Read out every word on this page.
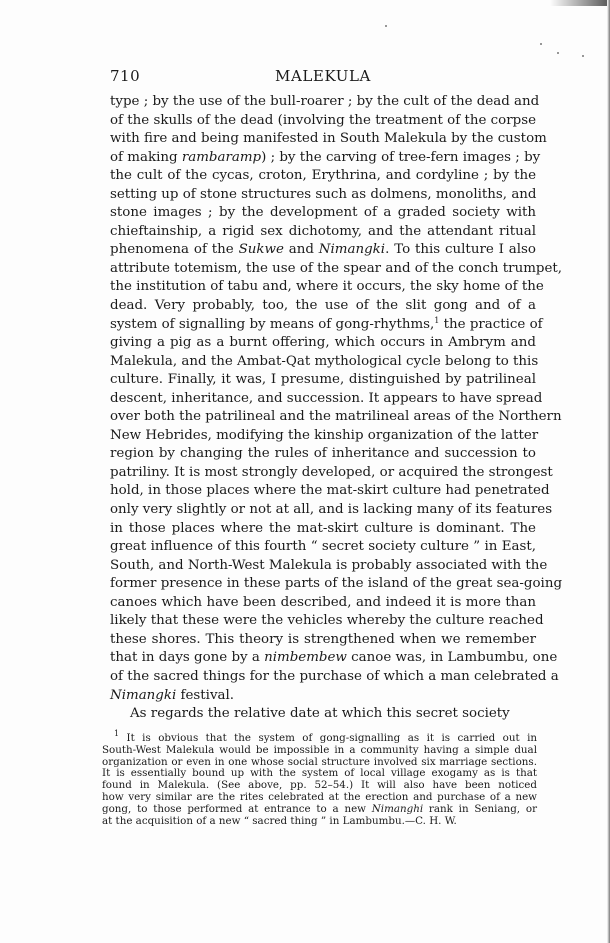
710	MALEKULA
type ; by the use of the bull-roarer ; by the cult of the dead and
of the skulls of the dead (involving the treatment of the corpse
with fire and being manifested in South Malekula by the custom
of making rambaramp) ; by the carving of tree-fern images ; by
the cult of the cycas, croton, Erythrina, and cordyline ; by the
setting up of stone structures such as dolmens, monoliths, and
stone images ; by the development of a graded society with
chieftainship, a rigid sex dichotomy, and the attendant ritual
phenomena of the Sukwe and Nimangki. To this culture I also
attribute totemism, the use of the spear and of the conch trumpet,
the institution of tabu and, where it occurs, the sky home of the
dead. Very probably, too, the use of the slit gong and of a
system of signalling by means of gong-rhythms,$^1$ the practice of
giving a pig as a burnt offering, which occurs in Ambrym and
Malekula, and the Ambat-Qat mythological cycle belong to this
culture. Finally, it was, I presume, distinguished by patrilineal
descent, inheritance, and succession. It appears to have spread
over both the patrilineal and the matrilineal areas of the Northern
New Hebrides, modifying the kinship organization of the latter
region by changing the rules of inheritance and succession to
patriliny. It is most strongly developed, or acquired the strongest
hold, in those places where the mat-skirt culture had penetrated
only very slightly or not at all, and is lacking many of its features
in those places where the mat-skirt culture is dominant. The
great influence of this fourth “ secret society culture ” in East,
South, and North-West Malekula is probably associated with the
former presence in these parts of the island of the great sea-going
canoes which have been described, and indeed it is more than
likely that these were the vehicles whereby the culture reached
these shores. This theory is strengthened when we remember
that in days gone by a nimbembew canoe was, in Lambumbu, one
of the sacred things for the purchase of which a man celebrated a
Nimangki festival.
As regards the relative date at which this secret society
$^1$ It is obvious that the system of gong-signalling as it is carried out in
South-West Malekula would be impossible in a community having a simple dual
organization or even in one whose social structure involved six marriage sections.
It is essentially bound up with the system of local village exogamy as is that
found in Malekula. (See above, pp. 52–54.) It will also have been noticed
how very similar are the rites celebrated at the erection and purchase of a new
gong, to those performed at entrance to a new Nimanghi rank in Seniang, or
at the acquisition of a new “ sacred thing ” in Lambumbu.—C. H. W.
